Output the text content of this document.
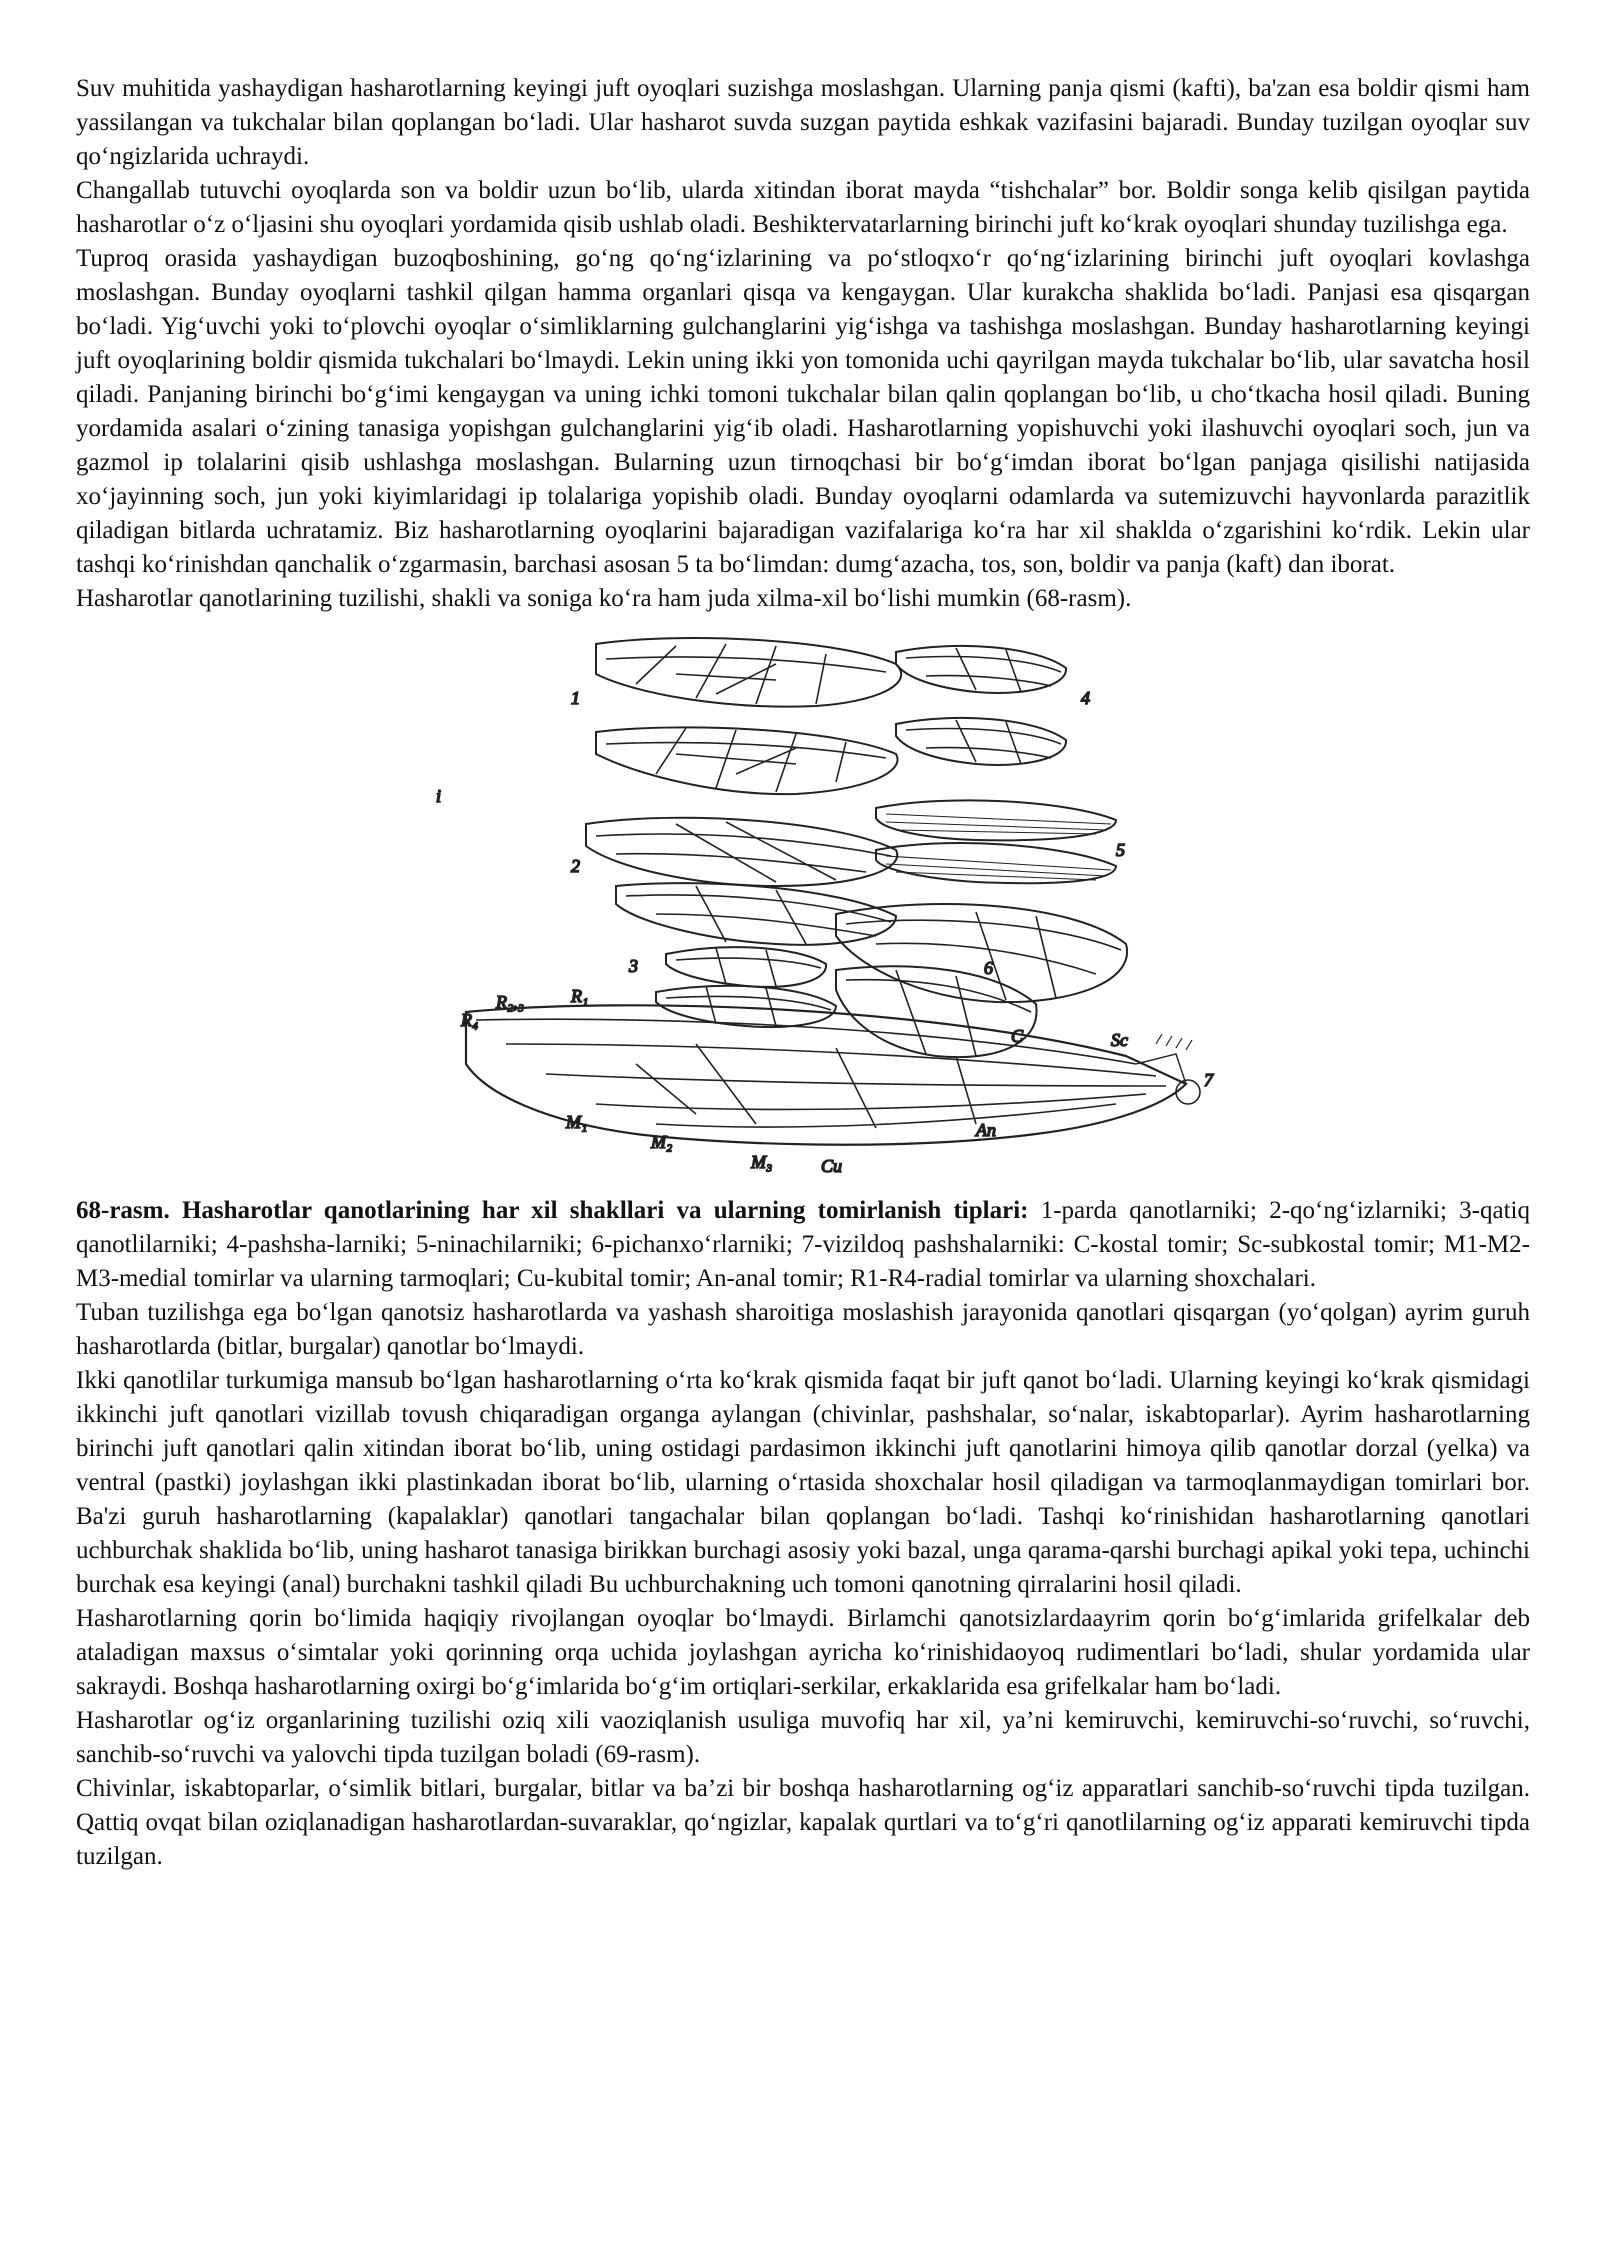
Suv muhitida yashaydigan hasharotlarning keyingi juft oyoqlari suzishga moslashgan. Ularning panja qismi (kafti), ba'zan esa boldir qismi ham yassilangan va tukchalar bilan qoplangan bo‘ladi. Ular hasharot suvda suzgan paytida eshkak vazifasini bajaradi. Bunday tuzilgan oyoqlar suv qo‘ngizlarida uchraydi.

Changallab tutuvchi oyoqlarda son va boldir uzun bo‘lib, ularda xitindan iborat mayda “tishchalar” bor. Boldir songa kelib qisilgan paytida hasharotlar o‘z o‘ljasini shu oyoqlari yordamida qisib ushlab oladi. Beshiktervatarlarning birinchi juft ko‘krak oyoqlari shunday tuzilishga ega.

Tuproq orasida yashaydigan buzoqboshining, go‘ng qo‘ng‘izlarining va po‘stloqxo‘r qo‘ng‘izlarining birinchi juft oyoqlari kovlashga moslashgan. Bunday oyoqlarni tashkil qilgan hamma organlari qisqa va kengaygan. Ular kurakcha shaklida bo‘ladi. Panjasi esa qisqargan bo‘ladi. Yig‘uvchi yoki to‘plovchi oyoqlar o‘simliklarning gulchanglarini yig‘ishga va tashishga moslashgan. Bunday hasharotlarning keyingi juft oyoqlarining boldir qismida tukchalari bo‘lmaydi. Lekin uning ikki yon tomonida uchi qayrilgan mayda tukchalar bo‘lib, ular savatcha hosil qiladi. Panjaning birinchi bo‘g‘imi kengaygan va uning ichki tomoni tukchalar bilan qalin qoplangan bo‘lib, u cho‘tkacha hosil qiladi. Buning yordamida asalari o‘zining tanasiga yopishgan gulchanglarini yig‘ib oladi. Hasharotlarning yopishuvchi yoki ilashuvchi oyoqlari soch, jun va gazmol ip tolalarini qisib ushlashga moslashgan. Bularning uzun tirnoqchasi bir bo‘g‘imdan iborat bo‘lgan panjaga qisilishi natijasida xo‘jayinning soch, jun yoki kiyimlaridagi ip tolalariga yopishib oladi. Bunday oyoqlarni odamlarda va sutemizuvchi hayvonlarda parazitlik qiladigan bitlarda uchratamiz. Biz hasharotlarning oyoqlarini bajaradigan vazifalariga ko‘ra har xil shaklda o‘zgarishini ko‘rdik. Lekin ular tashqi ko‘rinishdan qanchalik o‘zgarmasin, barchasi asosan 5 ta bo‘limdan: dumg‘azacha, tos, son, boldir va panja (kaft) dan iborat.

Hasharotlar qanotlarining tuzilishi, shakli va soniga ko‘ra ham juda xilma-xil bo‘lishi mumkin (68-rasm).

1
2
3
4
5
6
7
i
R₄
R₂,₃	R₁
C	Sc
M₁
M₂
M₃	Cu
An

68-rasm. Hasharotlar qanotlarining har xil shakllari va ularning tomirlanish tiplari: 1-parda qanotlarniki; 2-qo‘ng‘izlarniki; 3-qatiq qanotlilarniki; 4-pashsha-larniki; 5-ninachilarniki; 6-pichanxo‘rlarniki; 7-vizildoq pashshalarniki: C-kostal tomir; Sc-subkostal tomir; M1-M2-M3-medial tomirlar va ularning tarmoqlari; Cu-kubital tomir; An-anal tomir; R1-R4-radial tomirlar va ularning shoxchalari.

Tuban tuzilishga ega bo‘lgan qanotsiz hasharotlarda va yashash sharoitiga moslashish jarayonida qanotlari qisqargan (yo‘qolgan) ayrim guruh hasharotlarda (bitlar, burgalar) qanotlar bo‘lmaydi.

Ikki qanotlilar turkumiga mansub bo‘lgan hasharotlarning o‘rta ko‘krak qismida faqat bir juft qanot bo‘ladi. Ularning keyingi ko‘krak qismidagi ikkinchi juft qanotlari vizillab tovush chiqaradigan organga aylangan (chivinlar, pashshalar, so‘nalar, iskabtoparlar). Ayrim hasharotlarning birinchi juft qanotlari qalin xitindan iborat bo‘lib, uning ostidagi pardasimon ikkinchi juft qanotlarini himoya qilib qanotlar dorzal (yelka) va ventral (pastki) joylashgan ikki plastinkadan iborat bo‘lib, ularning o‘rtasida shoxchalar hosil qiladigan va tarmoqlanmaydigan tomirlari bor. Ba'zi guruh hasharotlarning (kapalaklar) qanotlari tangachalar bilan qoplangan bo‘ladi. Tashqi ko‘rinishidan hasharotlarning qanotlari uchburchak shaklida bo‘lib, uning hasharot tanasiga birikkan burchagi asosiy yoki bazal, unga qarama-qarshi burchagi apikal yoki tepa, uchinchi burchak esa keyingi (anal) burchakni tashkil qiladi Bu uchburchakning uch tomoni qanotning qirralarini hosil qiladi.

Hasharotlarning qorin bo‘limida haqiqiy rivojlangan oyoqlar bo‘lmaydi. Birlamchi qanotsizlardaayrim qorin bo‘g‘imlarida grifelkalar deb ataladigan maxsus o‘simtalar yoki qorinning orqa uchida joylashgan ayricha ko‘rinishidaoyoq rudimentlari bo‘ladi, shular yordamida ular sakraydi. Boshqa hasharotlarning oxirgi bo‘g‘imlarida bo‘g‘im ortiqlari-serkilar, erkaklarida esa grifelkalar ham bo‘ladi.

Hasharotlar og‘iz organlarining tuzilishi oziq xili vaoziqlanish usuliga muvofiq har xil, ya’ni kemiruvchi, kemiruvchi-so‘ruvchi, so‘ruvchi, sanchib-so‘ruvchi va yalovchi tipda tuzilgan boladi (69-rasm).

Chivinlar, iskabtoparlar, o‘simlik bitlari, burgalar, bitlar va ba’zi bir boshqa hasharotlarning og‘iz apparatlari sanchib-so‘ruvchi tipda tuzilgan. Qattiq ovqat bilan oziqlanadigan hasharotlardan-suvaraklar, qo‘ngizlar, kapalak qurtlari va to‘g‘ri qanotlilarning og‘iz apparati kemiruvchi tipda tuzilgan.
